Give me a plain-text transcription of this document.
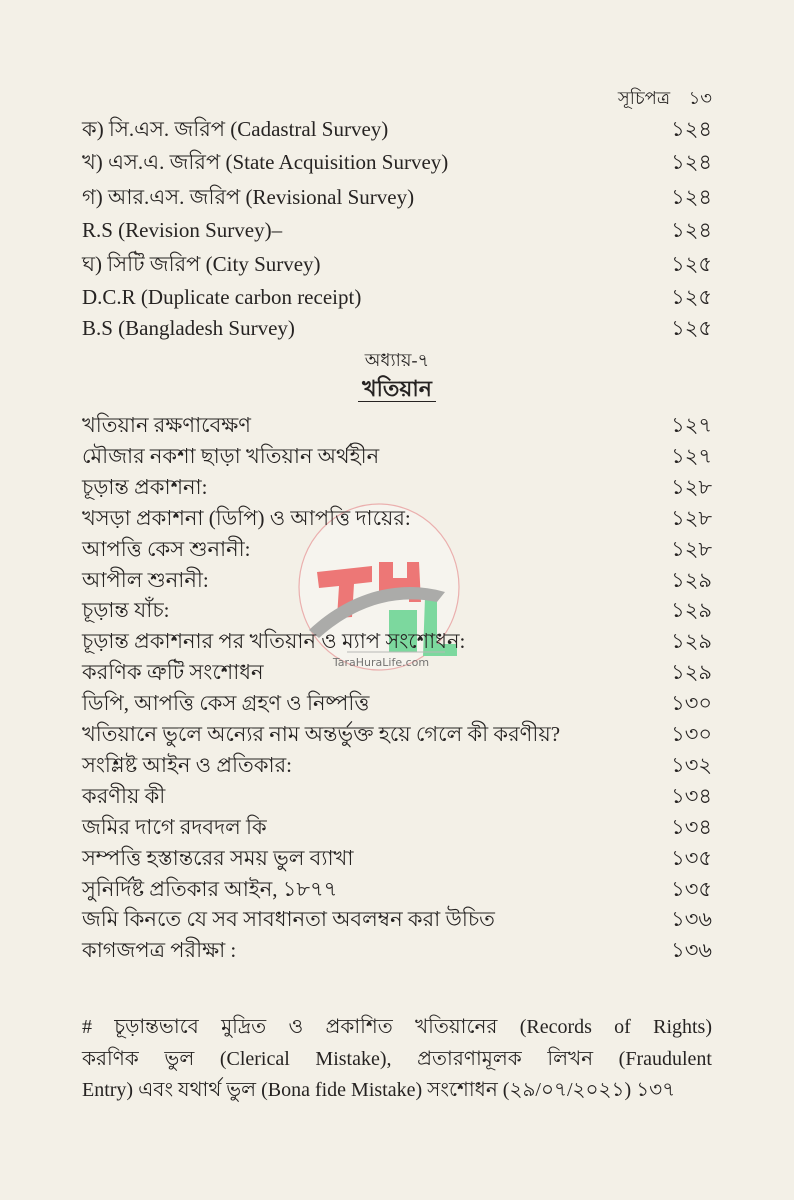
TaraHuraLife.com
সূচিপত্র ১৩
ক) সি.এস. জরিপ (Cadastral Survey)	১২৪
খ) এস.এ. জরিপ (State Acquisition Survey)	১২৪
গ) আর.এস. জরিপ (Revisional Survey)	১২৪
R.S (Revision Survey)–	১২৪
ঘ) সিটি জরিপ (City Survey)	১২৫
D.C.R (Duplicate carbon receipt)	১২৫
B.S (Bangladesh Survey)	১২৫
অধ্যায়-৭
খতিয়ান
খতিয়ান রক্ষণাবেক্ষণ	১২৭
মৌজার নকশা ছাড়া খতিয়ান অর্থহীন	১২৭
চূড়ান্ত প্রকাশনা:	১২৮
খসড়া প্রকাশনা (ডিপি) ও আপত্তি দায়ের:	১২৮
আপত্তি কেস শুনানী:	১২৮
আপীল শুনানী:	১২৯
চূড়ান্ত যাঁচ:	১২৯
চূড়ান্ত প্রকাশনার পর খতিয়ান ও ম্যাপ সংশোধন:	১২৯
করণিক ত্রুটি সংশোধন	১২৯
ডিপি, আপত্তি কেস গ্রহণ ও নিষ্পত্তি	১৩০
খতিয়ানে ভুলে অন্যের নাম অন্তর্ভুক্ত হয়ে গেলে কী করণীয়?	১৩০
সংশ্লিষ্ট আইন ও প্রতিকার:	১৩২
করণীয় কী	১৩৪
জমির দাগে রদবদল কি	১৩৪
সম্পত্তি হস্তান্তরের সময় ভুল ব্যাখা	১৩৫
সুনির্দিষ্ট প্রতিকার আইন, ১৮৭৭	১৩৫
জমি কিনতে যে সব সাবধানতা অবলম্বন করা উচিত	১৩৬
কাগজপত্র পরীক্ষা :	১৩৬
# চূড়ান্তভাবে মুদ্রিত ও প্রকাশিত খতিয়ানের (Records of Rights)
করণিক ভুল (Clerical Mistake), প্রতারণামূলক লিখন (Fraudulent
Entry) এবং যথার্থ ভুল (Bona fide Mistake) সংশোধন (২৯/০৭/২০২১) ১৩৭
